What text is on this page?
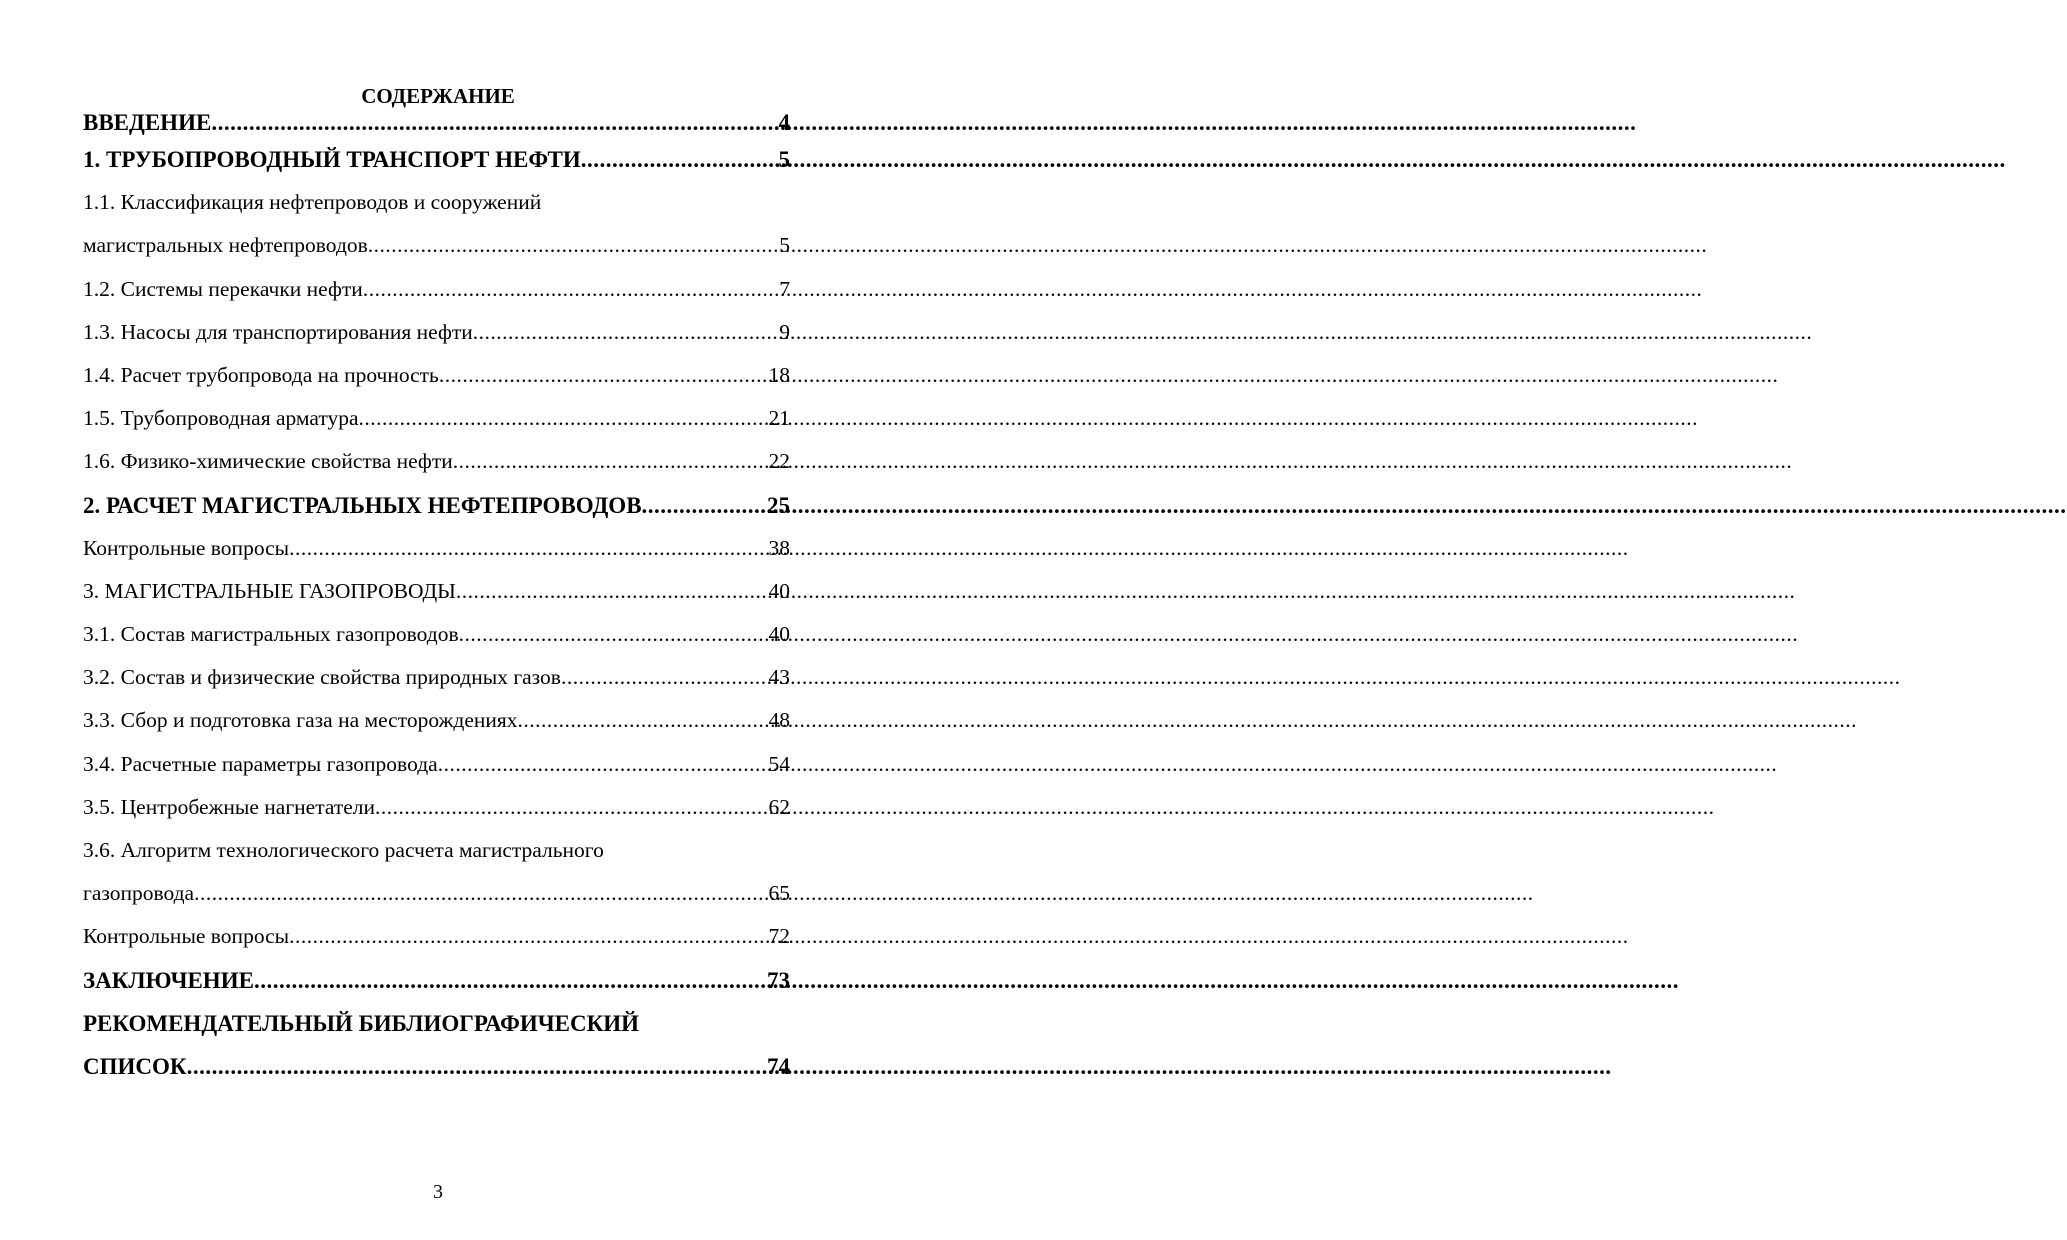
СОДЕРЖАНИЕ
ВВЕДЕНИЕ .....	4
1. ТРУБОПРОВОДНЫЙ ТРАНСПОРТ НЕФТИ .....	5
1.1. Классификация нефтепроводов и сооружений
магистральных нефтепроводов .....	5
1.2. Системы перекачки нефти .....	7
1.3. Насосы для транспортирования нефти .....	9
1.4. Расчет трубопровода на прочность .....	18
1.5. Трубопроводная арматура .....	21
1.6. Физико-химические свойства нефти .....	22
2. РАСЧЕТ МАГИСТРАЛЬНЫХ НЕФТЕПРОВОДОВ .....	25
Контрольные вопросы .....	38
3. МАГИСТРАЛЬНЫЕ ГАЗОПРОВОДЫ .....	40
3.1. Состав магистральных газопроводов .....	40
3.2. Состав и физические свойства природных газов .....	43
3.3. Сбор и подготовка газа на месторождениях .....	48
3.4. Расчетные параметры газопровода .....	54
3.5. Центробежные нагнетатели .....	62
3.6. Алгоритм технологического расчета магистрального
газопровода .....	65
Контрольные вопросы .....	72
ЗАКЛЮЧЕНИЕ .....	73
РЕКОМЕНДАТЕЛЬНЫЙ БИБЛИОГРАФИЧЕСКИЙ
СПИСОК .....	74
3
